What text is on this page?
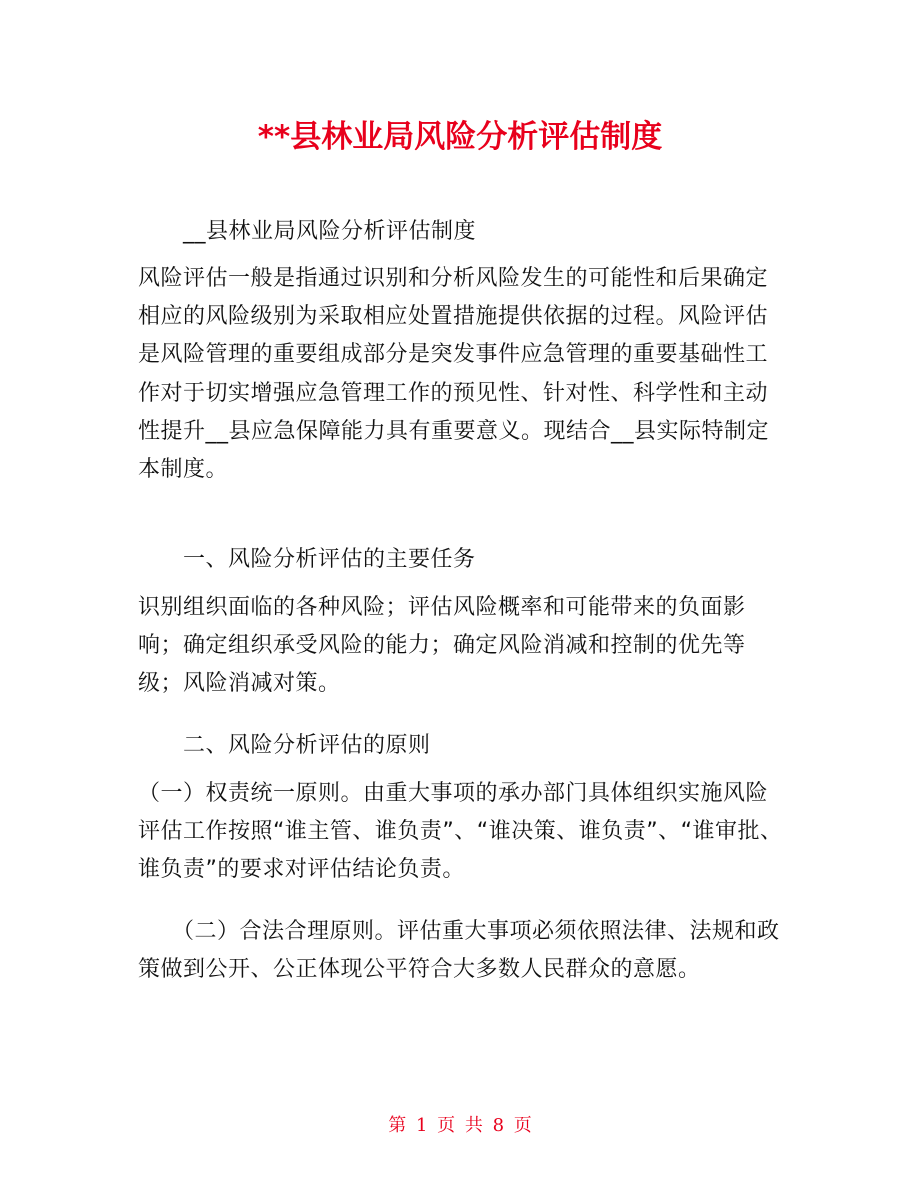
**县林业局风险分析评估制度

　　__县林业局风险分析评估制度

风险评估一般是指通过识别和分析风险发生的可能性和后果确定相应的风险级别为采取相应处置措施提供依据的过程。风险评估是风险管理的重要组成部分是突发事件应急管理的重要基础性工作对于切实增强应急管理工作的预见性、针对性、科学性和主动性提升__县应急保障能力具有重要意义。现结合__县实际特制定本制度。

　　一、风险分析评估的主要任务

识别组织面临的各种风险；评估风险概率和可能带来的负面影响；确定组织承受风险的能力；确定风险消减和控制的优先等级；风险消减对策。

　　二、风险分析评估的原则

（一）权责统一原则。由重大事项的承办部门具体组织实施风险评估工作按照“谁主管、谁负责”、“谁决策、谁负责”、“谁审批、谁负责”的要求对评估结论负责。

　　（二）合法合理原则。评估重大事项必须依照法律、法规和政策做到公开、公正体现公平符合大多数人民群众的意愿。

第 1 页 共 8 页
